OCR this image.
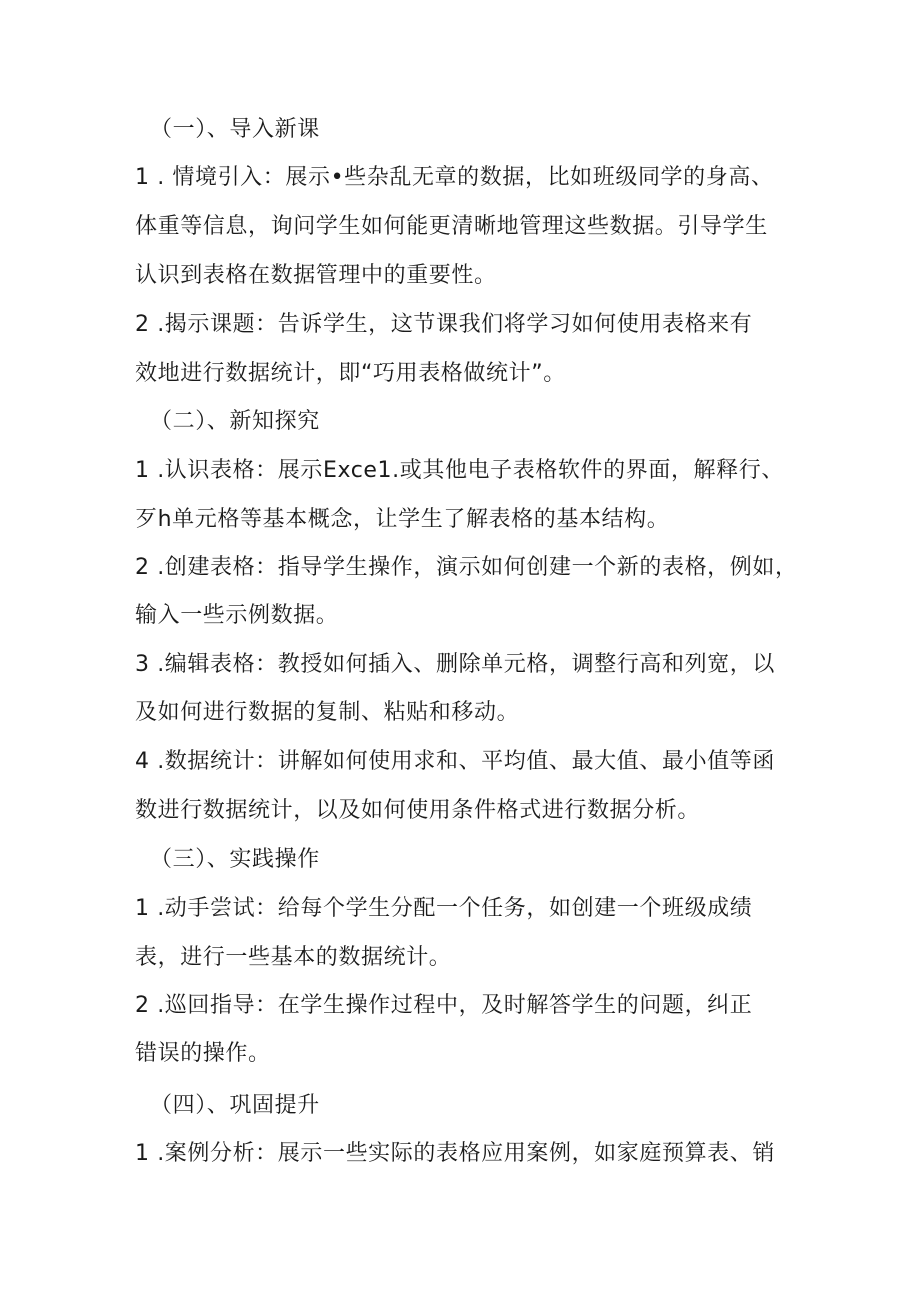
（一）、导入新课
1 . 情境引入：展示•些杂乱无章的数据，比如班级同学的身高、
体重等信息，询问学生如何能更清晰地管理这些数据。引导学生
认识到表格在数据管理中的重要性。
2 .揭示课题：告诉学生，这节课我们将学习如何使用表格来有
效地进行数据统计，即“巧用表格做统计”。
（二）、新知探究
1 .认识表格：展示Exce1.或其他电子表格软件的界面，解释行、
歹h单元格等基本概念，让学生了解表格的基本结构。
2 .创建表格：指导学生操作，演示如何创建一个新的表格，例如，
输入一些示例数据。
3 .编辑表格：教授如何插入、删除单元格，调整行高和列宽，以
及如何进行数据的复制、粘贴和移动。
4 .数据统计：讲解如何使用求和、平均值、最大值、最小值等函
数进行数据统计，以及如何使用条件格式进行数据分析。
（三）、实践操作
1 .动手尝试：给每个学生分配一个任务，如创建一个班级成绩
表，进行一些基本的数据统计。
2 .巡回指导：在学生操作过程中，及时解答学生的问题，纠正
错误的操作。
（四）、巩固提升
1 .案例分析：展示一些实际的表格应用案例，如家庭预算表、销
